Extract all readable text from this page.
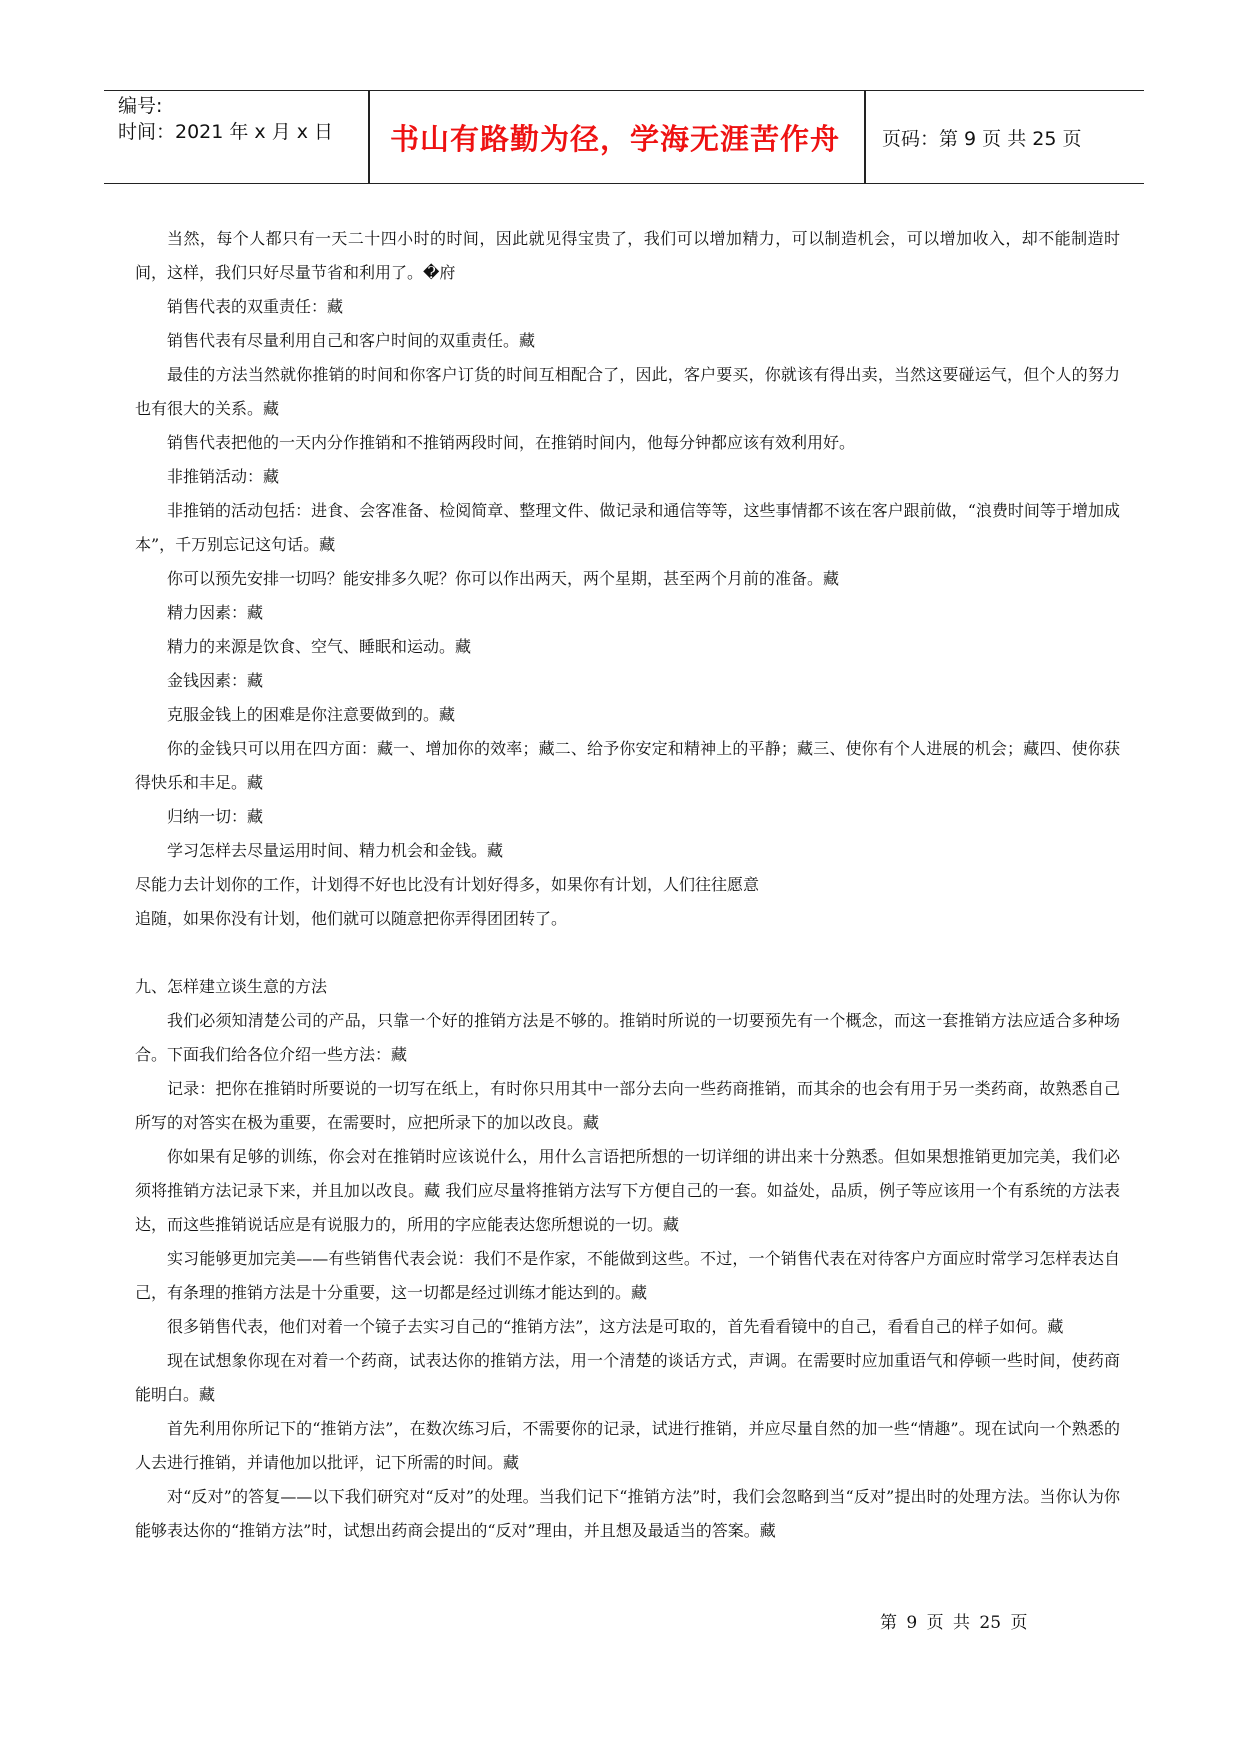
编号:
时间：2021 年 x 月 x 日	书山有路勤为径，学海无涯苦作舟	页码：第 9 页 共 25 页

当然，每个人都只有一天二十四小时的时间，因此就见得宝贵了，我们可以增加精力，可以制造机会，可以增加收入，却不能制造时间，这样，我们只好尽量节省和利用了。�府

销售代表的双重责任：藏

销售代表有尽量利用自己和客户时间的双重责任。藏

最佳的方法当然就你推销的时间和你客户订货的时间互相配合了，因此，客户要买，你就该有得出卖，当然这要碰运气，但个人的努力也有很大的关系。藏

销售代表把他的一天内分作推销和不推销两段时间，在推销时间内，他每分钟都应该有效利用好。

非推销活动：藏

非推销的活动包括：进食、会客准备、检阅简章、整理文件、做记录和通信等等，这些事情都不该在客户跟前做，“浪费时间等于增加成本”，千万别忘记这句话。藏

你可以预先安排一切吗？能安排多久呢？你可以作出两天，两个星期，甚至两个月前的准备。藏

精力因素：藏

精力的来源是饮食、空气、睡眠和运动。藏

金钱因素：藏

克服金钱上的困难是你注意要做到的。藏

你的金钱只可以用在四方面：藏一、增加你的效率；藏二、给予你安定和精神上的平静；藏三、使你有个人进展的机会；藏四、使你获得快乐和丰足。藏

归纳一切：藏

学习怎样去尽量运用时间、精力机会和金钱。藏

尽能力去计划你的工作，计划得不好也比没有计划好得多，如果你有计划，人们往往愿意

追随，如果你没有计划，他们就可以随意把你弄得团团转了。

九、怎样建立谈生意的方法

我们必须知清楚公司的产品，只靠一个好的推销方法是不够的。推销时所说的一切要预先有一个概念，而这一套推销方法应适合多种场合。下面我们给各位介绍一些方法：藏

记录：把你在推销时所要说的一切写在纸上，有时你只用其中一部分去向一些药商推销，而其余的也会有用于另一类药商，故熟悉自己所写的对答实在极为重要，在需要时，应把所录下的加以改良。藏

你如果有足够的训练，你会对在推销时应该说什么，用什么言语把所想的一切详细的讲出来十分熟悉。但如果想推销更加完美，我们必须将推销方法记录下来，并且加以改良。藏 我们应尽量将推销方法写下方便自己的一套。如益处，品质，例子等应该用一个有系统的方法表达，而这些推销说话应是有说服力的，所用的字应能表达您所想说的一切。藏

实习能够更加完美——有些销售代表会说：我们不是作家，不能做到这些。不过，一个销售代表在对待客户方面应时常学习怎样表达自己，有条理的推销方法是十分重要，这一切都是经过训练才能达到的。藏

很多销售代表，他们对着一个镜子去实习自己的“推销方法”，这方法是可取的，首先看看镜中的自己，看看自己的样子如何。藏

现在试想象你现在对着一个药商，试表达你的推销方法，用一个清楚的谈话方式，声调。在需要时应加重语气和停顿一些时间，使药商能明白。藏

首先利用你所记下的“推销方法”，在数次练习后，不需要你的记录，试进行推销，并应尽量自然的加一些“情趣”。现在试向一个熟悉的人去进行推销，并请他加以批评，记下所需的时间。藏

对“反对”的答复——以下我们研究对“反对”的处理。当我们记下“推销方法”时，我们会忽略到当“反对”提出时的处理方法。当你认为你能够表达你的“推销方法”时，试想出药商会提出的“反对”理由，并且想及最适当的答案。藏

第 9 页 共 25 页
